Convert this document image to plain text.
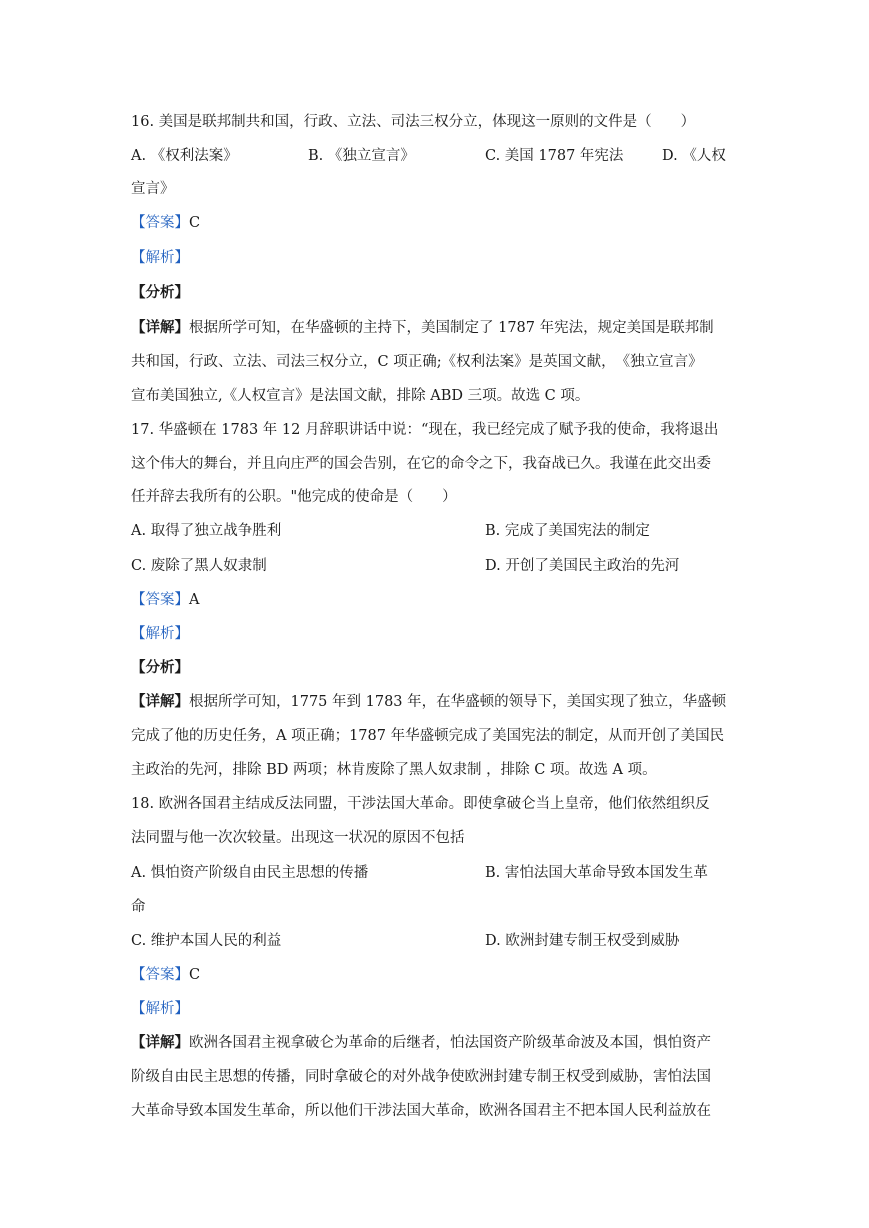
16. 美国是联邦制共和国，行政、立法、司法三权分立，体现这一原则的文件是（　　）
A. 《权利法案》	B. 《独立宣言》	C. 美国 1787 年宪法	D. 《人权
宣言》
【答案】C
【解析】
【分析】
【详解】根据所学可知，在华盛顿的主持下，美国制定了 1787 年宪法，规定美国是联邦制
共和国，行政、立法、司法三权分立，C 项正确;《权利法案》是英国文献，　《独立宣言》
宣布美国独立,《人权宣言》是法国文献，排除 ABD 三项。故选 C 项。
17. 华盛顿在 1783 年 12 月辞职讲话中说：“现在，我已经完成了赋予我的使命，我将退出
这个伟大的舞台，并且向庄严的国会告别，在它的命令之下，我奋战已久。我谨在此交出委
任并辞去我所有的公职。"他完成的使命是（　　）
A. 取得了独立战争胜利	B. 完成了美国宪法的制定
C. 废除了黑人奴隶制	D. 开创了美国民主政治的先河
【答案】A
【解析】
【分析】
【详解】根据所学可知，1775 年到 1783 年，在华盛顿的领导下，美国实现了独立，华盛顿
完成了他的历史任务，A 项正确；1787 年华盛顿完成了美国宪法的制定，从而开创了美国民
主政治的先河，排除 BD 两项；林肯废除了黑人奴隶制 ，排除 C 项。故选 A 项。
18. 欧洲各国君主结成反法同盟，干涉法国大革命。即使拿破仑当上皇帝，他们依然组织反
法同盟与他一次次较量。出现这一状况的原因不包括
A. 惧怕资产阶级自由民主思想的传播	B. 害怕法国大革命导致本国发生革
命
C. 维护本国人民的利益	D. 欧洲封建专制王权受到威胁
【答案】C
【解析】
【详解】欧洲各国君主视拿破仑为革命的后继者，怕法国资产阶级革命波及本国，惧怕资产
阶级自由民主思想的传播，同时拿破仑的对外战争使欧洲封建专制王权受到威胁，害怕法国
大革命导致本国发生革命，所以他们干涉法国大革命，欧洲各国君主不把本国人民利益放在
